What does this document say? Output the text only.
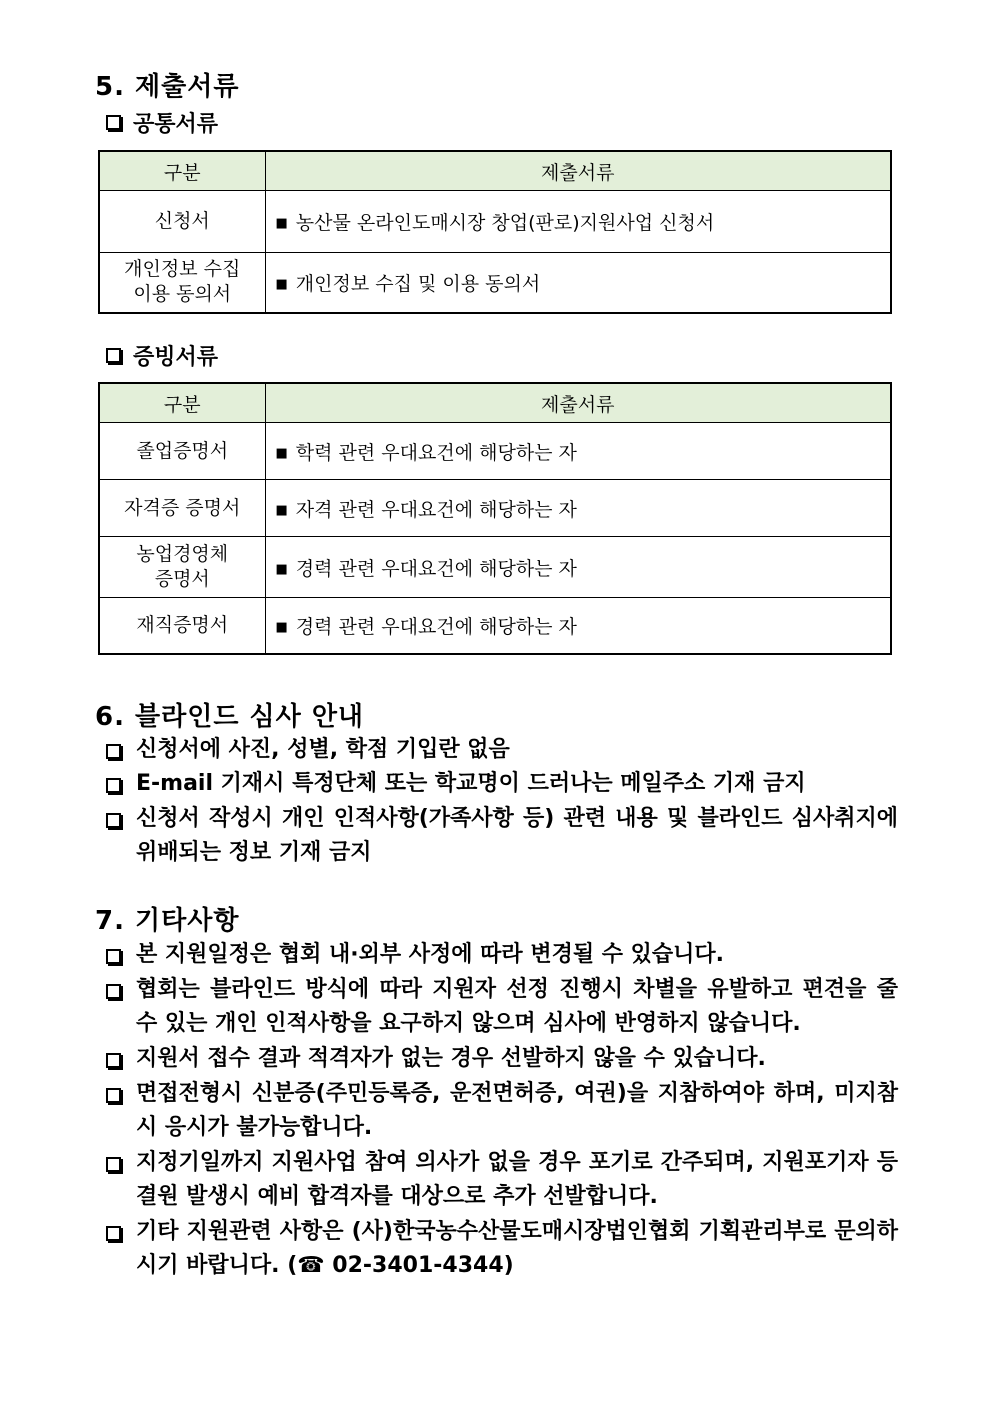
5. 제출서류
공통서류
구분	제출서류
신청서	■ 농산물 온라인도매시장 창업(판로)지원사업 신청서
개인정보 수집
이용 동의서	■ 개인정보 수집 및 이용 동의서
증빙서류
구분	제출서류
졸업증명서	■ 학력 관련 우대요건에 해당하는 자
자격증 증명서	■ 자격 관련 우대요건에 해당하는 자
농업경영체
증명서	■ 경력 관련 우대요건에 해당하는 자
재직증명서	■ 경력 관련 우대요건에 해당하는 자
6. 블라인드 심사 안내
신청서에 사진, 성별, 학점 기입란 없음
E-mail 기재시 특정단체 또는 학교명이 드러나는 메일주소 기재 금지
신청서 작성시 개인 인적사항(가족사항 등) 관련 내용 및 블라인드 심사취지에 위배되는 정보 기재 금지
7. 기타사항
본 지원일정은 협회 내·외부 사정에 따라 변경될 수 있습니다.
협회는 블라인드 방식에 따라 지원자 선정 진행시 차별을 유발하고 편견을 줄 수 있는 개인 인적사항을 요구하지 않으며 심사에 반영하지 않습니다.
지원서 접수 결과 적격자가 없는 경우 선발하지 않을 수 있습니다.
면접전형시 신분증(주민등록증, 운전면허증, 여권)을 지참하여야 하며, 미지참시 응시가 불가능합니다.
지정기일까지 지원사업 참여 의사가 없을 경우 포기로 간주되며, 지원포기자 등 결원 발생시 예비 합격자를 대상으로 추가 선발합니다.
기타 지원관련 사항은 (사)한국농수산물도매시장법인협회 기획관리부로 문의하시기 바랍니다. (☎ 02-3401-4344)
